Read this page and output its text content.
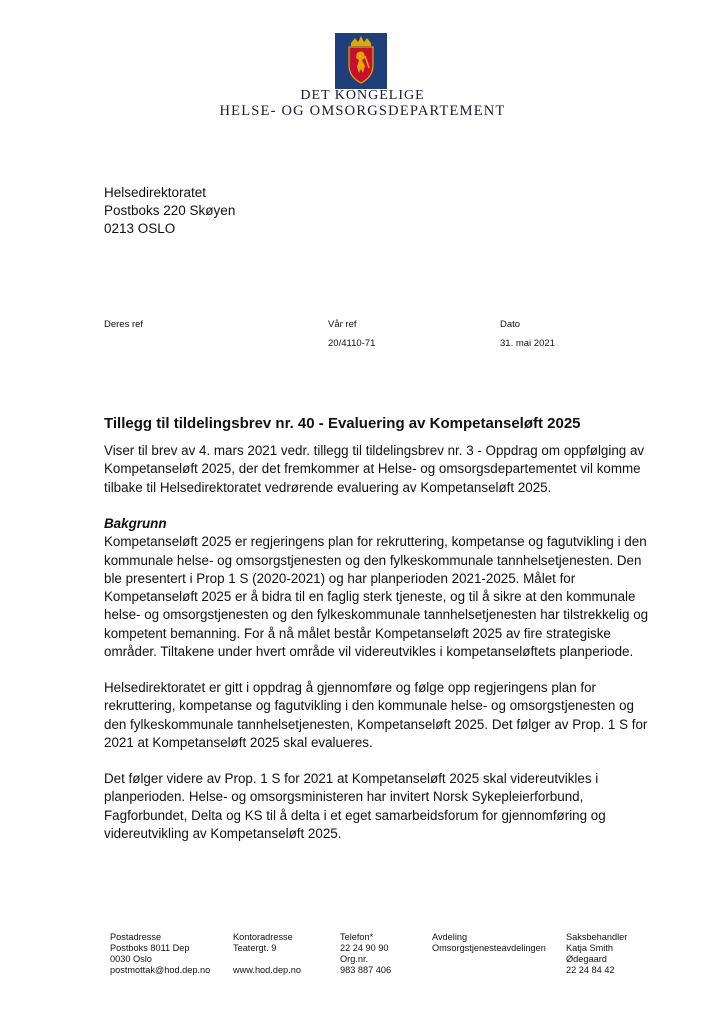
DET KONGELIGE
HELSE- OG OMSORGSDEPARTEMENT
Helsedirektoratet
Postboks 220 Skøyen
0213 OSLO
Deres ref	Vår ref
20/4110-71
Dato
31. mai 2021
Tillegg til tildelingsbrev nr. 40 - Evaluering av Kompetanseløft 2025
Viser til brev av 4. mars 2021 vedr. tillegg til tildelingsbrev nr. 3 - Oppdrag om oppfølging av
Kompetanseløft 2025, der det fremkommer at Helse- og omsorgsdepartementet vil komme
tilbake til Helsedirektoratet vedrørende evaluering av Kompetanseløft 2025.
Bakgrunn
Kompetanseløft 2025 er regjeringens plan for rekruttering, kompetanse og fagutvikling i den
kommunale helse- og omsorgstjenesten og den fylkeskommunale tannhelsetjenesten. Den
ble presentert i Prop 1 S (2020-2021) og har planperioden 2021-2025. Målet for
Kompetanseløft 2025 er å bidra til en faglig sterk tjeneste, og til å sikre at den kommunale
helse- og omsorgstjenesten og den fylkeskommunale tannhelsetjenesten har tilstrekkelig og
kompetent bemanning. For å nå målet består Kompetanseløft 2025 av fire strategiske
områder. Tiltakene under hvert område vil videreutvikles i kompetanseløftets planperiode.
Helsedirektoratet er gitt i oppdrag å gjennomføre og følge opp regjeringens plan for
rekruttering, kompetanse og fagutvikling i den kommunale helse- og omsorgstjenesten og
den fylkeskommunale tannhelsetjenesten, Kompetanseløft 2025. Det følger av Prop. 1 S for
2021 at Kompetanseløft 2025 skal evalueres.
Det følger videre av Prop. 1 S for 2021 at Kompetanseløft 2025 skal videreutvikles i
planperioden. Helse- og omsorgsministeren har invitert Norsk Sykepleierforbund,
Fagforbundet, Delta og KS til å delta i et eget samarbeidsforum for gjennomføring og
videreutvikling av Kompetanseløft 2025.
Postadresse
Postboks 8011 Dep
0030 Oslo
postmottak@hod.dep.no
Kontoradresse
Teatergt. 9
www.hod.dep.no
Telefon*
22 24 90 90
Org.nr.
983 887 406
Avdeling
Omsorgstjenesteavdelingen
Saksbehandler
Katja Smith
Ødegaard
22 24 84 42
